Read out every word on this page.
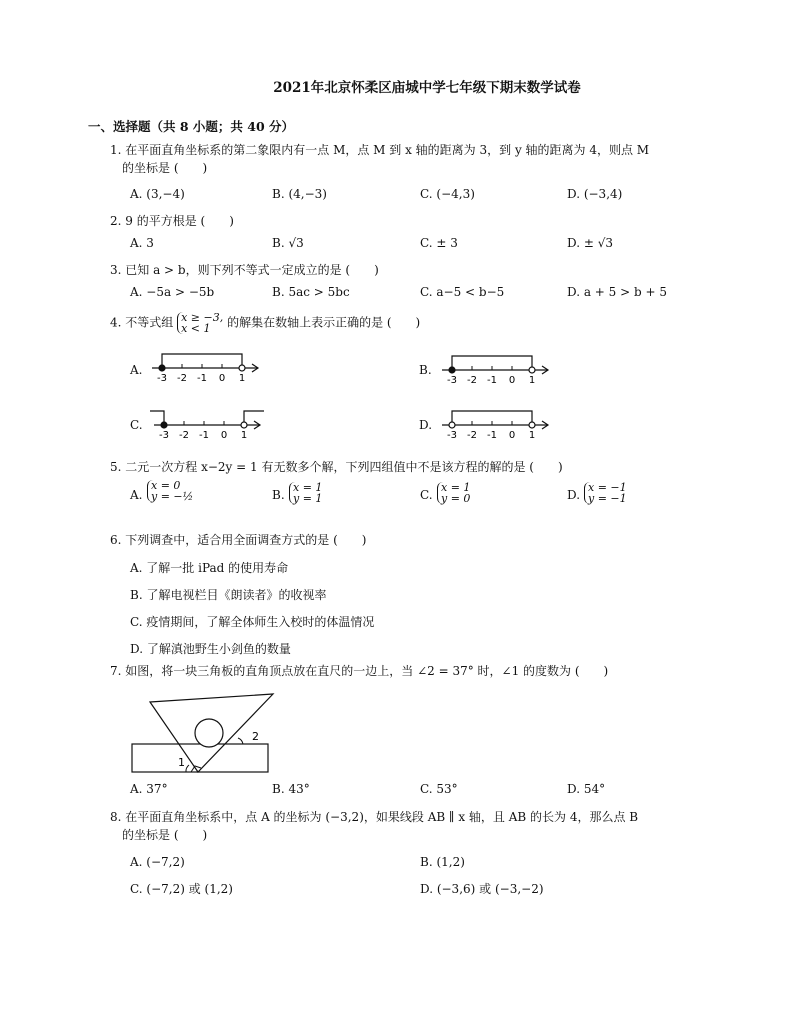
2021年北京怀柔区庙城中学七年级下期末数学试卷
一、选择题（共 8 小题；共 40 分）
1. 在平面直角坐标系的第二象限内有一点 M，点 M 到 x 轴的距离为 3，到 y 轴的距离为 4，则点 M
的坐标是 (　　)
A. (3,−4)	B. (4,−3)	C. (−4,3)	D. (−3,4)
2. 9 的平方根是 (　　)
A. 3	B. √3	C. ± 3	D. ± √3
3. 已知 a > b，则下列不等式一定成立的是 (　　)
A. −5a > −5b	B. 5ac > 5bc	C. a−5 < b−5	D. a + 5 > b + 5
4. 不等式组 x ≥ −3,
x < 1 的解集在数轴上表示正确的是 (　　)
A.	B.
C.	D.
-3 -2 -1 0 1	-3 -2 -1 0 1
-3 -2 -1 0 1	-3 -2 -1 0 1
5. 二元一次方程 x−2y = 1 有无数多个解，下列四组值中不是该方程的解的是 (　　)
A.
x = 0
y = −½	B.
x = 1
y = 1	C.
x = 1
y = 0	D.
x = −1
y = −1
6. 下列调查中，适合用全面调查方式的是 (　　)
A. 了解一批 iPad 的使用寿命
B. 了解电视栏目《朗读者》的收视率
C. 疫情期间，了解全体师生入校时的体温情况
D. 了解滇池野生小剑鱼的数量
7. 如图，将一块三角板的直角顶点放在直尺的一边上，当 ∠2 = 37° 时，∠1 的度数为 (　　)
1
2
A. 37°	B. 43°	C. 53°	D. 54°
8. 在平面直角坐标系中，点 A 的坐标为 (−3,2)，如果线段 AB ∥ x 轴，且 AB 的长为 4，那么点 B
的坐标是 (　　)
A. (−7,2)	B. (1,2)
C. (−7,2) 或 (1,2)	D. (−3,6) 或 (−3,−2)
